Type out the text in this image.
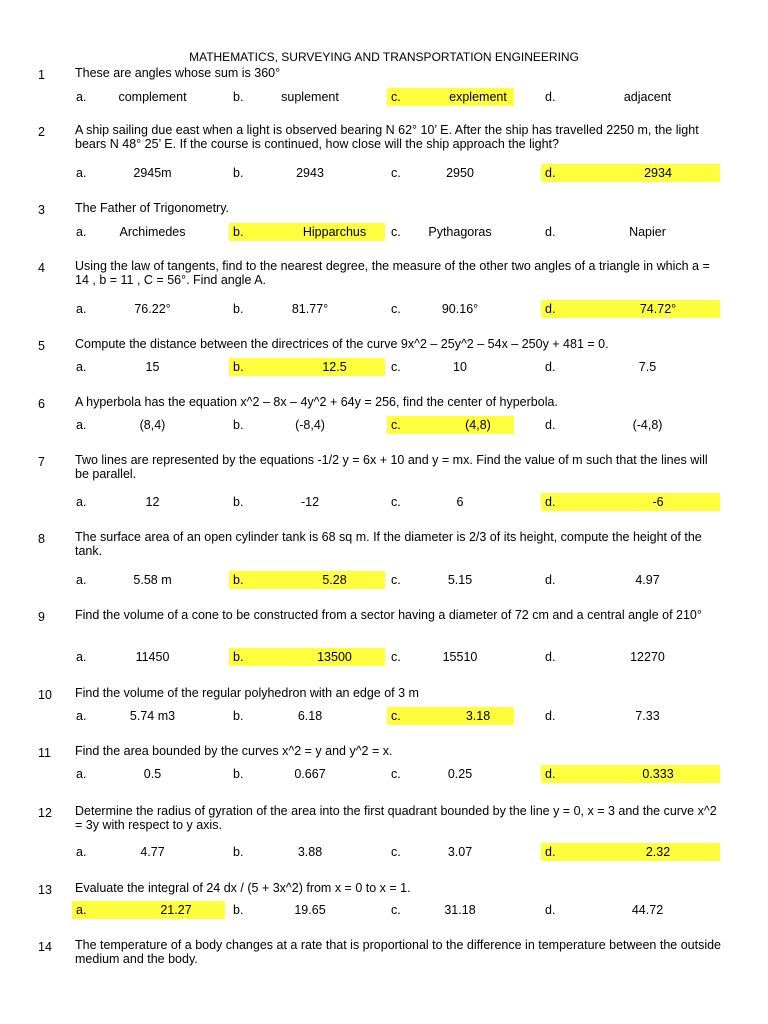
MATHEMATICS, SURVEYING AND TRANSPORTATION ENGINEERING
1	These are angles whose sum is 360°
a.	complement	b.	suplement	c.	explement	d.	adjacent
2	A ship sailing due east when a light is observed bearing N 62° 10’ E. After the ship has travelled 2250 m, the light bears N 48° 25’ E. If the course is continued, how close will the ship approach the light?
a.	2945m	b.	2943	c.	2950	d.	2934
3	The Father of Trigonometry.
a.	Archimedes	b.	Hipparchus	c.	Pythagoras	d.	Napier
4	Using the law of tangents, find to the nearest degree, the measure of the other two angles of a triangle in which a = 14 , b = 11 , C = 56°. Find angle A.
a.	76.22°	b.	81.77°	c.	90.16°	d.	74.72°
5	Compute the distance between the directrices of the curve 9x^2 – 25y^2 – 54x – 250y + 481 = 0.
a.	15	b.	12.5	c.	10	d.	7.5
6	A hyperbola has the equation x^2 – 8x – 4y^2 + 64y = 256, find the center of hyperbola.
a.	(8,4)	b.	(-8,4)	c.	(4,8)	d.	(-4,8)
7	Two lines are represented by the equations -1/2 y = 6x + 10 and y = mx. Find the value of m such that the lines will be parallel.
a.	12	b.	-12	c.	6	d.	-6
8	The surface area of an open cylinder tank is 68 sq m. If the diameter is 2/3 of its height, compute the height of the tank.
a.	5.58 m	b.	5.28	c.	5.15	d.	4.97
9	Find the volume of a cone to be constructed from a sector having a diameter of 72 cm and a central angle of 210°
a.	11450	b.	13500	c.	15510	d.	12270
10	Find the volume of the regular polyhedron with an edge of 3 m
a.	5.74 m3	b.	6.18	c.	3.18	d.	7.33
11	Find the area bounded by the curves x^2 = y and y^2 = x.
a.	0.5	b.	0.667	c.	0.25	d.	0.333
12	Determine the radius of gyration of the area into the first quadrant bounded by the line y = 0, x = 3 and the curve x^2 = 3y with respect to y axis.
a.	4.77	b.	3.88	c.	3.07	d.	2.32
13	Evaluate the integral of 24 dx / (5 + 3x^2) from x = 0 to x = 1.
a.	21.27	b.	19.65	c.	31.18	d.	44.72
14	The temperature of a body changes at a rate that is proportional to the difference in temperature between the outside medium and the body.
